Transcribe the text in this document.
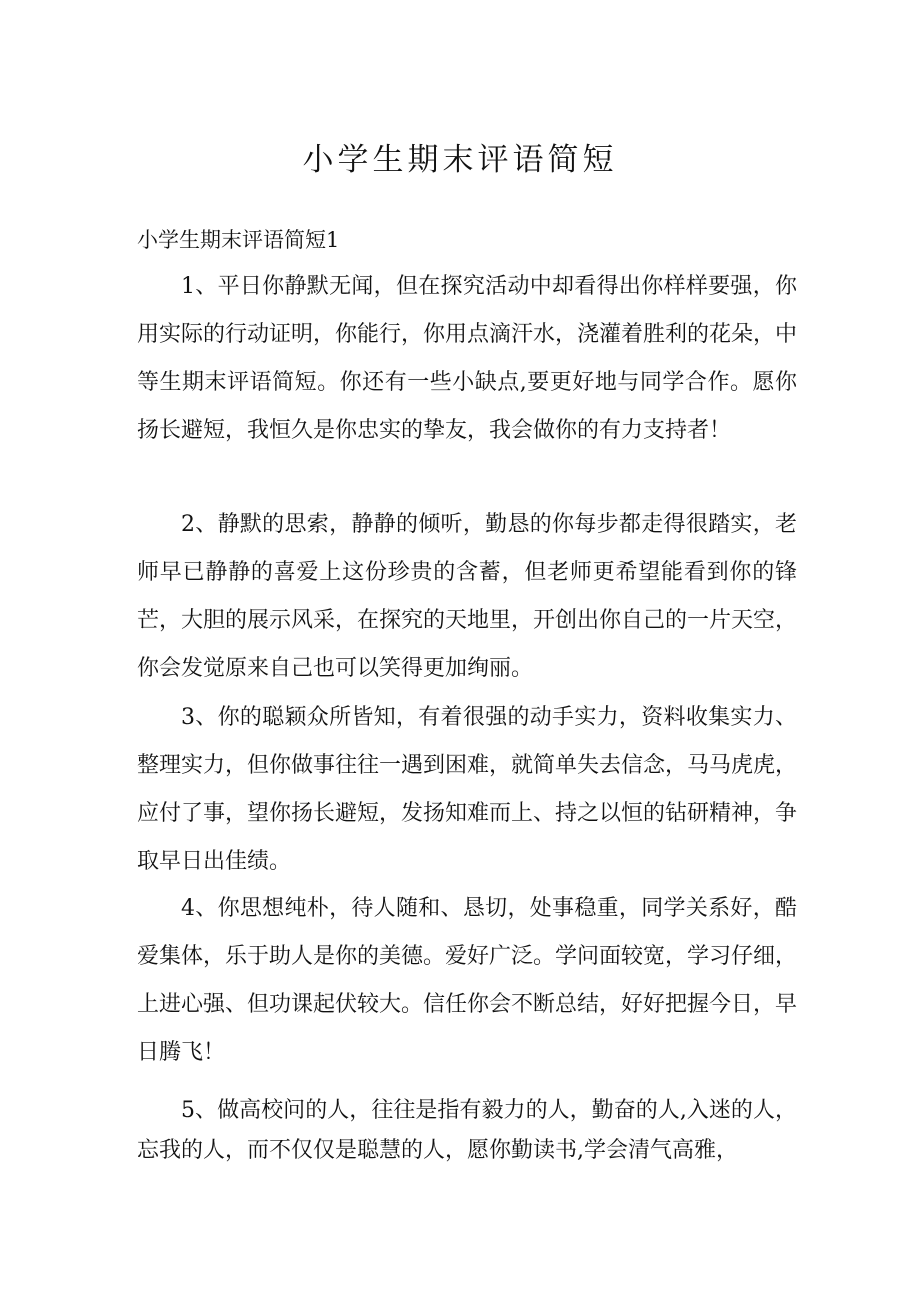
小学生期末评语简短

小学生期末评语简短1

1、平日你静默无闻，但在探究活动中却看得出你样样要强，你用实际的行动证明，你能行，你用点滴汗水，浇灌着胜利的花朵，中等生期末评语简短。你还有一些小缺点,要更好地与同学合作。愿你扬长避短，我恒久是你忠实的挚友，我会做你的有力支持者！

2、静默的思索，静静的倾听，勤恳的你每步都走得很踏实，老师早已静静的喜爱上这份珍贵的含蓄，但老师更希望能看到你的锋芒，大胆的展示风采，在探究的天地里，开创出你自己的一片天空，你会发觉原来自己也可以笑得更加绚丽。

3、你的聪颖众所皆知，有着很强的动手实力，资料收集实力、整理实力，但你做事往往一遇到困难，就简单失去信念，马马虎虎，应付了事，望你扬长避短，发扬知难而上、持之以恒的钻研精神，争取早日出佳绩。

4、你思想纯朴，待人随和、恳切，处事稳重，同学关系好，酷爱集体，乐于助人是你的美德。爱好广泛。学问面较宽，学习仔细，上进心强、但功课起伏较大。信任你会不断总结，好好把握今日，早日腾飞！

5、做高校问的人，往往是指有毅力的人，勤奋的人,入迷的人，忘我的人，而不仅仅是聪慧的人，愿你勤读书,学会清气高雅，
